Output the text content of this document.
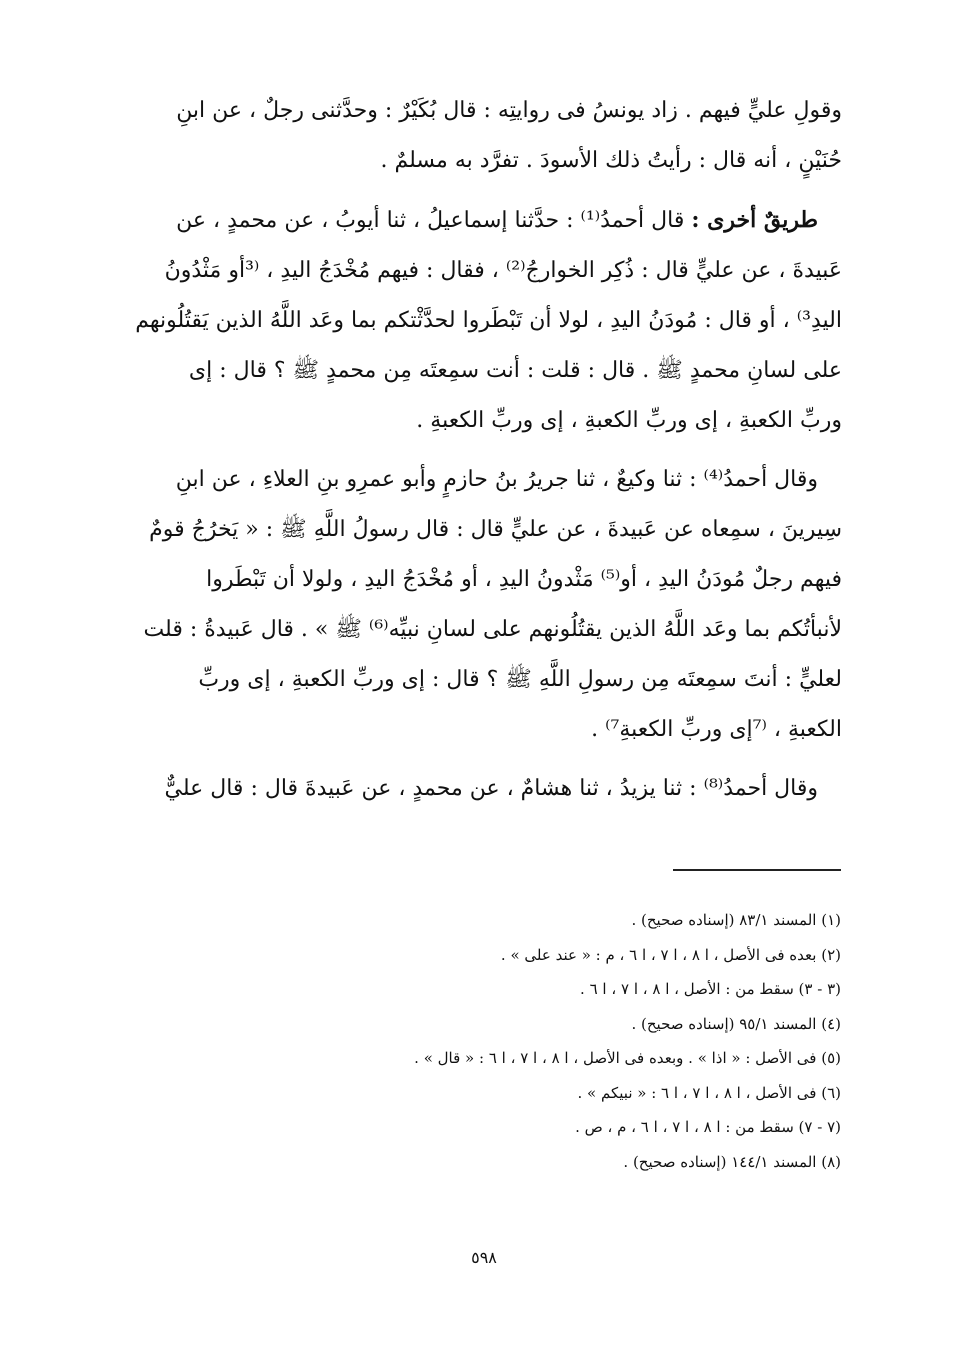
وقولِ عليٍّ فيهم . زاد يونسُ فى روايتِه : قال بُكَيْرٌ : وحدَّثنى رجلٌ ، عن ابنِ
حُنَيْنٍ ، أنه قال : رأيتُ ذلك الأسودَ . تفرَّد به مسلمٌ .

طريقٌ أخرى : قال أحمدُ⁽¹⁾ : حدَّثنا إسماعيلُ ، ثنا أيوبُ ، عن محمدٍ ، عن
عَبيدةَ ، عن عليٍّ قال : ذُكِر الخوارجُ⁽²⁾ ، فقال : فيهم مُخْدَجُ اليدِ ، ⁽³أو مَثْدُونُ
اليدِ³⁾ ، أو قال : مُودَنُ اليدِ ، لولا أن تَبْطَروا لحدَّثْتكم بما وعَد اللَّهُ الذين يَقتُلُونهم
على لسانِ محمدٍ ﷺ . قال : قلت : أنت سمِعتَه مِن محمدٍ ﷺ ؟ قال : إى
وربِّ الكعبةِ ، إى وربِّ الكعبةِ ، إى وربِّ الكعبةِ .

وقال أحمدُ⁽⁴⁾ : ثنا وكيعٌ ، ثنا جريرُ بنُ حازمٍ وأبو عمرِو بنِ العلاءِ ، عن ابنِ
سِيرينَ ، سمِعاه عن عَبيدةَ ، عن عليٍّ قال : قال رسولُ اللَّهِ ﷺ : « يَخرُجُ قومٌ
فيهم رجلٌ مُودَنُ اليدِ ، أو⁽⁵⁾ مَثْدونُ اليدِ ، أو مُخْدَجُ اليدِ ، ولولا أن تَبْطَروا
لأنبأتُكم بما وعَد اللَّهُ الذين يقتُلُونهم على لسانِ نبيِّه⁽⁶⁾ ﷺ » . قال عَبيدةُ : قلت
لعليٍّ : أنتَ سمِعتَه مِن رسولِ اللَّهِ ﷺ ؟ قال : إى وربِّ الكعبةِ ، إى وربِّ
الكعبةِ ، ⁽⁷إى وربِّ الكعبةِ⁷⁾ .

وقال أحمدُ⁽⁸⁾ : ثنا يزيدُ ، ثنا هشامٌ ، عن محمدٍ ، عن عَبيدةَ قال : قال عليٌّ

(١) المسند ٨٣/١ (إسناده صحيح) .
(٢) بعده فى الأصل ، ا ٨ ، ا ٧ ، ا ٦ ، م : « عند على » .
(٣ - ٣) سقط من : الأصل ، ا ٨ ، ا ٧ ، ا ٦ .
(٤) المسند ٩٥/١ (إسناده صحيح) .
(٥) فى الأصل : « اذا » . وبعده فى الأصل ، ا ٨ ، ا ٧ ، ا ٦ : « قال » .
(٦) فى الأصل ، ا ٨ ، ا ٧ ، ا ٦ : « نبيكم » .
(٧ - ٧) سقط من : ا ٨ ، ا ٧ ، ا ٦ ، م ، ص .
(٨) المسند ١٤٤/١ (إسناده صحيح) .
٥٩٨
